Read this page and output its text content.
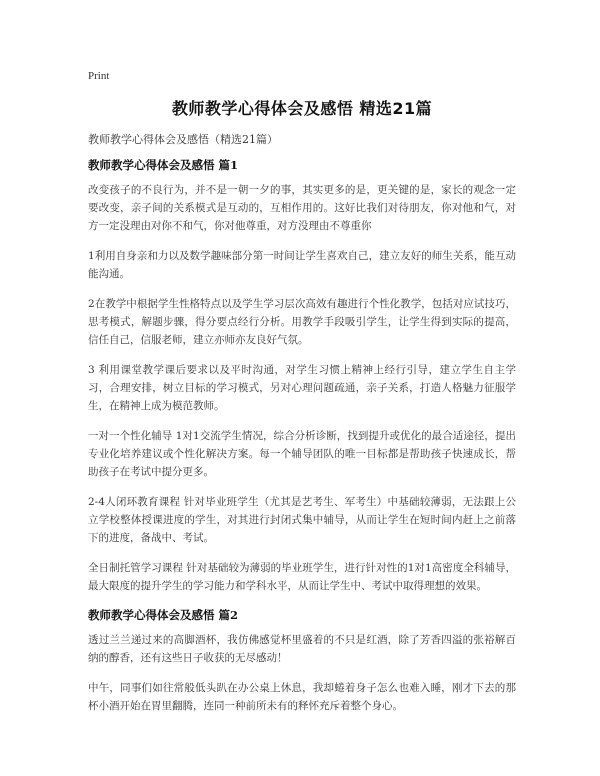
Print
教师教学心得体会及感悟 精选21篇
教师教学心得体会及感悟（精选21篇）
教师教学心得体会及感悟 篇1

改变孩子的不良行为，并不是一朝一夕的事，其实更多的是，更关键的是，家长的观念一定要改变，亲子间的关系模式是互动的，互相作用的。这好比我们对待朋友，你对他和气，对方一定没理由对你不和气，你对他尊重，对方没理由不尊重你

1利用自身亲和力以及数学趣味部分第一时间让学生喜欢自己，建立友好的师生关系，能互动能沟通。

2在教学中根据学生性格特点以及学生学习层次高效有趣进行个性化教学，包括对应试技巧，思考模式，解题步骤，得分要点经行分析。用教学手段吸引学生，让学生得到实际的提高，信任自己，信服老师，建立亦师亦友良好气氛。

3 利用课堂教学课后要求以及平时沟通，对学生习惯上精神上经行引导，建立学生自主学习，合理安排，树立目标的学习模式，另对心理问题疏通，亲子关系，打造人格魅力征服学生，在精神上成为模范教师。

一对一个性化辅导 1对1交流学生情况，综合分析诊断，找到提升或优化的最合适途径，提出专业化培养建议或个性化解决方案。每一个辅导团队的唯一目标都是帮助孩子快速成长，帮助孩子在考试中提分更多。

2-4人闭环教育课程 针对毕业班学生（尤其是艺考生、军考生）中基础较薄弱，无法跟上公立学校整体授课进度的学生，对其进行封闭式集中辅导，从而让学生在短时间内赶上之前落下的进度，备战中、考试。

全日制托管学习课程 针对基础较为薄弱的毕业班学生，进行针对性的1对1高密度全科辅导，最大限度的提升学生的学习能力和学科水平，从而让学生中、考试中取得理想的效果。

教师教学心得体会及感悟 篇2

透过兰兰递过来的高脚酒杯，我仿佛感觉杯里盛着的不只是红酒，除了芳香四溢的张裕解百纳的醇香，还有这些日子收获的无尽感动！

中午，同事们如往常般低头趴在办公桌上休息，我却蜷着身子怎么也难入睡，刚才下去的那杯小酒开始在胃里翻腾，连同一种前所未有的释怀充斥着整个身心。
